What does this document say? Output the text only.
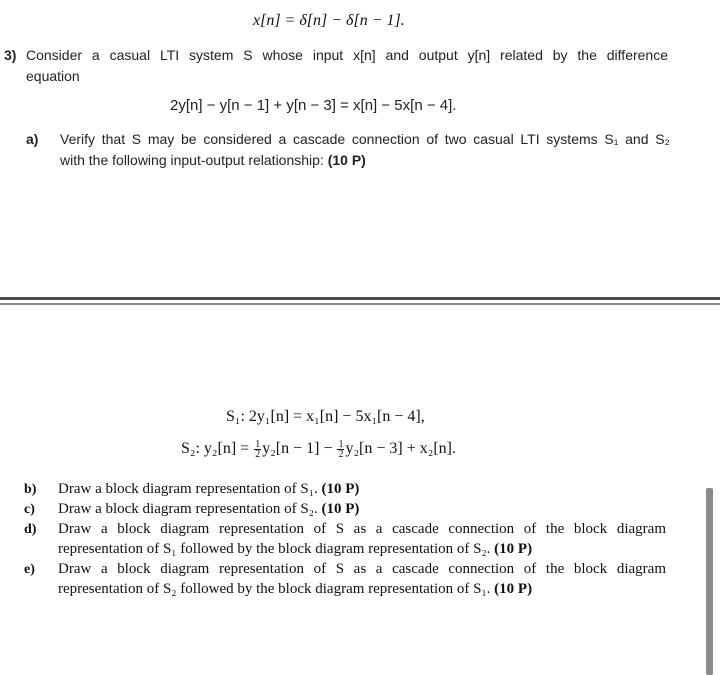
x[n] = δ[n] − δ[n − 1].
3) Consider a casual LTI system S whose input x[n] and output y[n] related by the difference
equation
2y[n] − y[n − 1] + y[n − 3] = x[n] − 5x[n − 4].
a) Verify that S may be considered a cascade connection of two casual LTI systems S₁ and S₂
with the following input-output relationship: (10 P)
S₁: 2y₁[n] = x₁[n] − 5x₁[n − 4],
S₂: $y_2[n] = \frac{1}{2} y_2[n - 1] - \frac{1}{2} y_2[n - 3] + x_2[n]$.
b) Draw a block diagram representation of S₁. (10 P)
c) Draw a block diagram representation of S₂. (10 P)
d) Draw a block diagram representation of S as a cascade connection of the block diagram
representation of S₁ followed by the block diagram representation of S₂. (10 P)
e) Draw a block diagram representation of S as a cascade connection of the block diagram
representation of S₂ followed by the block diagram representation of S₁. (10 P)
